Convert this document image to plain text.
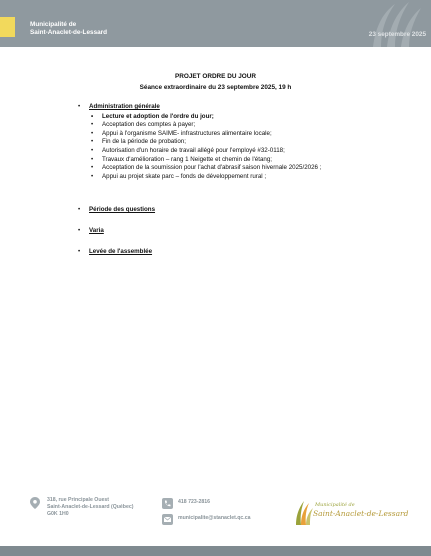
Municipalité de
Saint-Anaclet-de-Lessard	23 septembre 2025
PROJET ORDRE DU JOUR
Séance extraordinaire du 23 septembre 2025, 19 h
• Administration générale
• Lecture et adoption de l'ordre du jour;
• Acceptation des comptes à payer;
• Appui à l'organisme SAIME- infrastructures alimentaire locale;
• Fin de la période de probation;
• Autorisation d'un horaire de travail allégé pour l'employé #32-0118;
• Travaux d'amélioration – rang 1 Neigette et chemin de l'étang;
• Acceptation de la soumission pour l'achat d'abrasif saison hivernale 2025/2026 ;
• Appui au projet skate parc – fonds de développement rural ;
• Période des questions
• Varia
• Levée de l'assemblée
318, rue Principale Ouest
Saint-Anaclet-de-Lessard (Québec)
G0K 1H0
418 723-2816
municipalite@stanaclet.qc.ca
Municipalité de
Saint-Anaclet-de-Lessard
